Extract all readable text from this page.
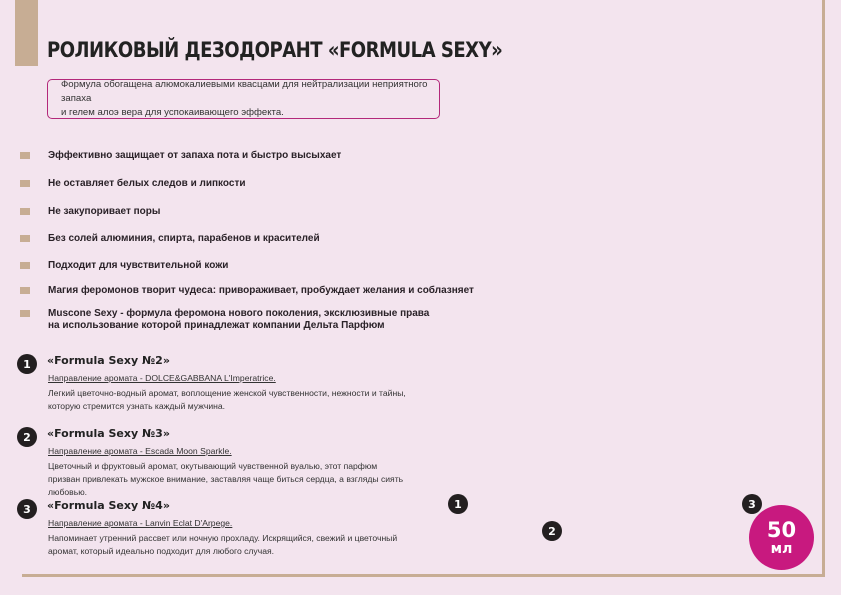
РОЛИКОВЫЙ ДЕЗОДОРАНТ «FORMULA SEXY»
Формула обогащена алюмокалиевыми квасцами для нейтрализации неприятного запаха
и гелем алоэ вера для успокаивающего эффекта.
Эффективно защищает от запаха пота и быстро высыхает
Не оставляет белых следов и липкости
Не закупоривает поры
Без солей алюминия, спирта, парабенов и красителей
Подходит для чувствительной кожи
Магия феромонов творит чудеса: привораживает, пробуждает желания и соблазняет
Muscone Sexy - формула феромона нового поколения, эксклюзивные права
на использование которой принадлежат компании Дельта Парфюм
1	«Formula Sexy №2»
Направление аромата - DOLCE&GABBANA L'Imperatrice.
Легкий цветочно-водный аромат, воплощение женской чувственности, нежности и тайны, которую стремится узнать каждый мужчина.
2	«Formula Sexy №3»
Направление аромата - Escada Moon Sparkle.
Цветочный и фруктовый аромат, окутывающий чувственной вуалью, этот парфюм призван привлекать мужское внимание, заставляя чаще биться сердца, а взгляды сиять любовью.
3	«Formula Sexy №4»
Направление аромата - Lanvin Eclat D'Arpege.
Напоминает утренний рассвет или ночную прохладу. Искрящийся, свежий и цветочный аромат, который идеально подходит для любого случая.
1
2
3
50
мл
